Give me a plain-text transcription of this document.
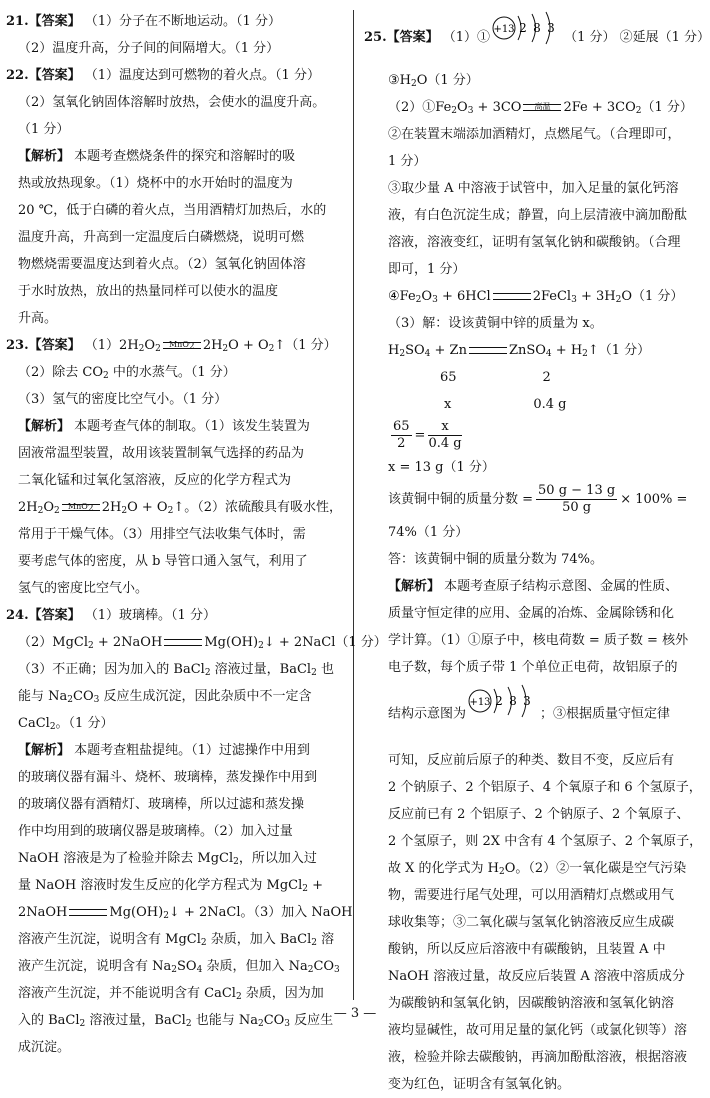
21.【答案】 （1）分子在不断地运动。（1 分）
（2）温度升高，分子间的间隔增大。（1 分）
22.【答案】 （1）温度达到可燃物的着火点。（1 分）
（2）氢氧化钠固体溶解时放热，会使水的温度升高。
（1 分）
【解析】 本题考查燃烧条件的探究和溶解时的吸
热或放热现象。（1）烧杯中的水开始时的温度为
20 ℃，低于白磷的着火点，当用酒精灯加热后，水的
温度升高，升高到一定温度后白磷燃烧，说明可燃
物燃烧需要温度达到着火点。（2）氢氧化钠固体溶
于水时放热，放出的热量同样可以使水的温度
升高。
23.【答案】 $(1)2H_2O_2$	MnO$_2$ $2H_2O$ + $O_2↑(1$ 分）
（2）除去 $CO_2$ 中的水蒸气。（1 分）
（3）氢气的密度比空气小。（1 分）
【解析】 本题考查气体的制取。（1）该发生装置为
固液常温型装置，故用该装置制氧气选择的药品为
二氧化锰和过氧化氢溶液，反应的化学方程式为
$2H_2O_2$	MnO$_2$ $2H_2O$ + $O_2↑$。（2）浓硫酸具有吸水性，
常用于干燥气体。（3）用排空气法收集气体时，需
要考虑气体的密度，从 b 导管口通入氢气，利用了
氢气的密度比空气小。
24.【答案】 （1）玻璃棒。（1 分）
（2）MgCl$_2$ + 2NaOH	$Mg(OH)_2↓$ + 2NaCl（1 分）
（3）不正确；因为加入的 BaCl$_2$ 溶液过量，BaCl$_2$ 也
能与 $Na_2CO_3$ 反应生成沉淀，因此杂质中不一定含
CaCl$_2$。（1 分）
【解析】 本题考查粗盐提纯。（1）过滤操作中用到
的玻璃仪器有漏斗、烧杯、玻璃棒，蒸发操作中用到
的玻璃仪器有酒精灯、玻璃棒，所以过滤和蒸发操
作中均用到的玻璃仪器是玻璃棒。（2）加入过量
NaOH 溶液是为了检验并除去 MgCl$_2$，所以加入过
量 NaOH 溶液时发生反应的化学方程式为 MgCl$_2$ +
2NaOH	$Mg(OH)_2↓$ + 2NaCl。（3）加入 NaOH
溶液产生沉淀，说明含有 MgCl$_2$ 杂质，加入 BaCl$_2$ 溶
液产生沉淀，说明含有 $Na_2SO_4$ 杂质，但加入 $Na_2CO_3$
溶液产生沉淀，并不能说明含有 CaCl$_2$ 杂质，因为加
入的 BaCl$_2$ 溶液过量，BaCl$_2$ 也能与 $Na_2CO_3$ 反应生
成沉淀。
25.【答案】 （1）①
+13 2 8 3
（1 分） ②延展（1 分）
$③H_2O(1$ 分）
$(2)①Fe_2O_3 + 3CO$	高温	$2Fe + 3CO_2(1$ 分）
②在装置末端添加酒精灯，点燃尾气。（合理即可，
1 分）
③取少量 A 中溶液于试管中，加入足量的氯化钙溶
液，有白色沉淀生成；静置，向上层清液中滴加酚酞
溶液，溶液变红，证明有氢氧化钠和碳酸钠。（合理
即可，1 分）
$④Fe_2O_3 + 6HCl$	2FeCl$_3$ + $3H_2O(1$ 分）
（3）解：设该黄铜中锌的质量为 x。
$H_2SO_4 + Zn$	ZnSO$_4$ + $H_2↑(1$ 分）
65	2
x	0.4 g
$\frac{65}{2} = \frac{x}{0.4 g}$
x = 13 g（1 分）
该黄铜中铜的质量分数 = $\frac{50 g - 13 g}{50 g} \times 100\%$ =
74%（1 分）
答：该黄铜中铜的质量分数为 74%。
【解析】 本题考查原子结构示意图、金属的性质、
质量守恒定律的应用、金属的冶炼、金属除锈和化
学计算。（1）①原子中，核电荷数 = 质子数 = 核外
电子数，每个质子带 1 个单位正电荷，故铝原子的
结构示意图为
+13 2 8 3
；③根据质量守恒定律
可知，反应前后原子的种类、数目不变，反应后有
2 个钠原子、2 个铝原子、4 个氧原子和 6 个氢原子，
反应前已有 2 个铝原子、2 个钠原子、2 个氧原子、
2 个氢原子，则 2X 中含有 4 个氢原子、2 个氧原子，
故 X 的化学式为 $H_2O$。（2）②一氧化碳是空气污染
物，需要进行尾气处理，可以用酒精灯点燃或用气
球收集等；③二氧化碳与氢氧化钠溶液反应生成碳
酸钠，所以反应后溶液中有碳酸钠，且装置 A 中
NaOH 溶液过量，故反应后装置 A 溶液中溶质成分
为碳酸钠和氢氧化钠，因碳酸钠溶液和氢氧化钠溶
液均显碱性，故可用足量的氯化钙（或氯化钡等）溶
液，检验并除去碳酸钠，再滴加酚酞溶液，根据溶液
变为红色，证明含有氢氧化钠。
— 3 —
